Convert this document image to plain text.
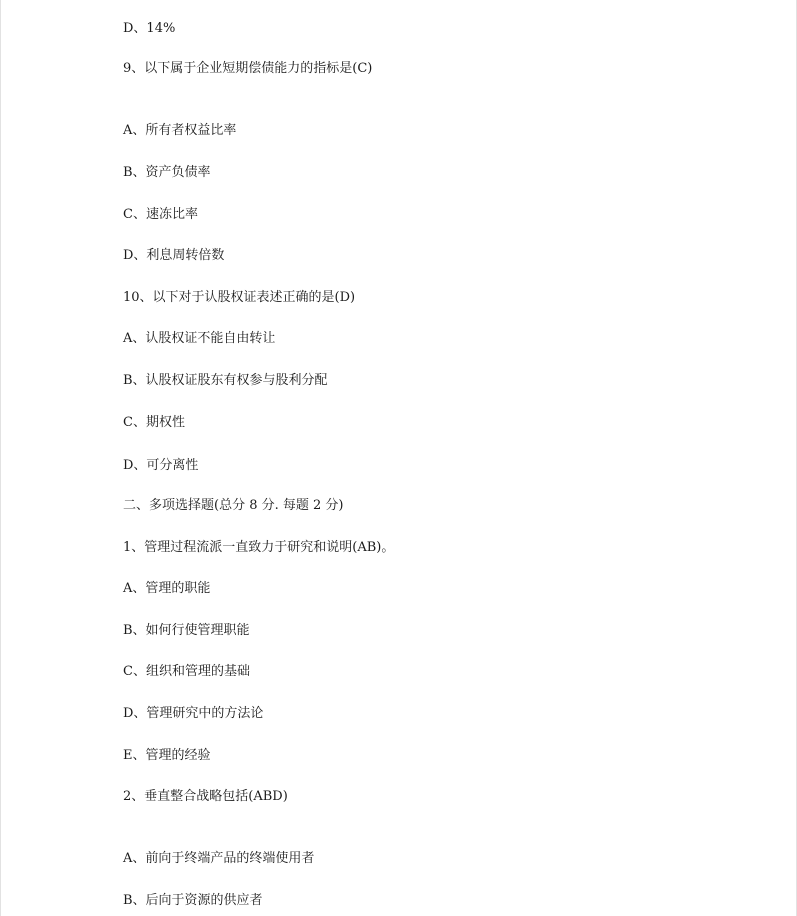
D、14%

9、以下属于企业短期偿债能力的指标是(C)

A、所有者权益比率

B、资产负债率

C、速冻比率

D、利息周转倍数

10、以下对于认股权证表述正确的是(D)

A、认股权证不能自由转让

B、认股权证股东有权参与股利分配

C、期权性

D、可分离性

二、多项选择题(总分 8 分. 每题 2 分)

1、管理过程流派一直致力于研究和说明(AB)。

A、管理的职能

B、如何行使管理职能

C、组织和管理的基础

D、管理研究中的方法论

E、管理的经验

2、垂直整合战略包括(ABD)

A、前向于终端产品的终端使用者

B、后向于资源的供应者
